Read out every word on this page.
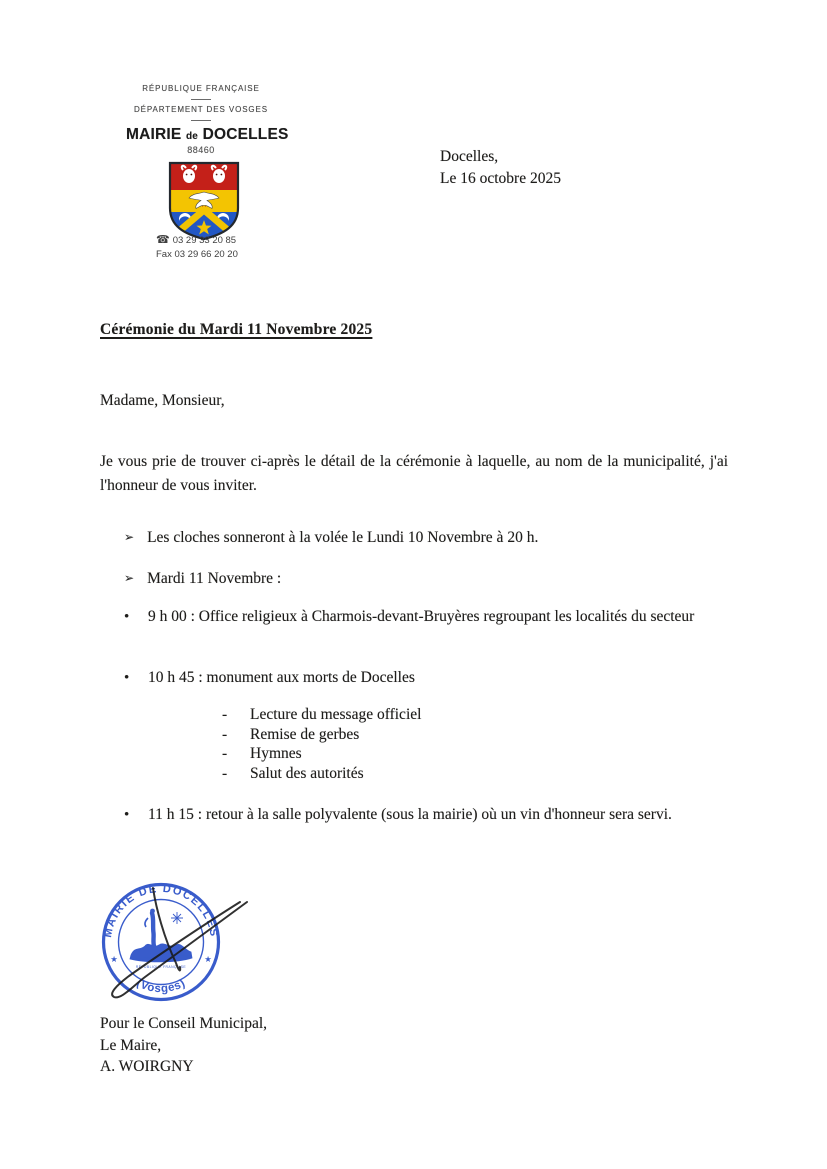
RÉPUBLIQUE FRANÇAISE
DÉPARTEMENT DES VOSGES
MAIRIE de DOCELLES
88460
☎ 03 29 33 20 85
Fax 03 29 66 20 20
Docelles,
Le 16 octobre 2025
Cérémonie du Mardi 11 Novembre 2025
Madame, Monsieur,

Je vous prie de trouver ci-après le détail de la cérémonie à laquelle, au nom de la municipalité, j'ai l'honneur de vous inviter.

➢ Les cloches sonneront à la volée le Lundi 10 Novembre à 20 h.
➢ Mardi 11 Novembre :
• 9 h 00 : Office religieux à Charmois-devant-Bruyères regroupant les localités du secteur
• 10 h 45 : monument aux morts de Docelles
- Lecture du message officiel
- Remise de gerbes
- Hymnes
- Salut des autorités
• 11 h 15 : retour à la salle polyvalente (sous la mairie) où un vin d'honneur sera servi.
MAIRIE DE DOCELLES
(Vosges)
★	★
RÉPUBLIQUE FRANÇAISE
Pour le Conseil Municipal,
Le Maire,
A. WOIRGNY
